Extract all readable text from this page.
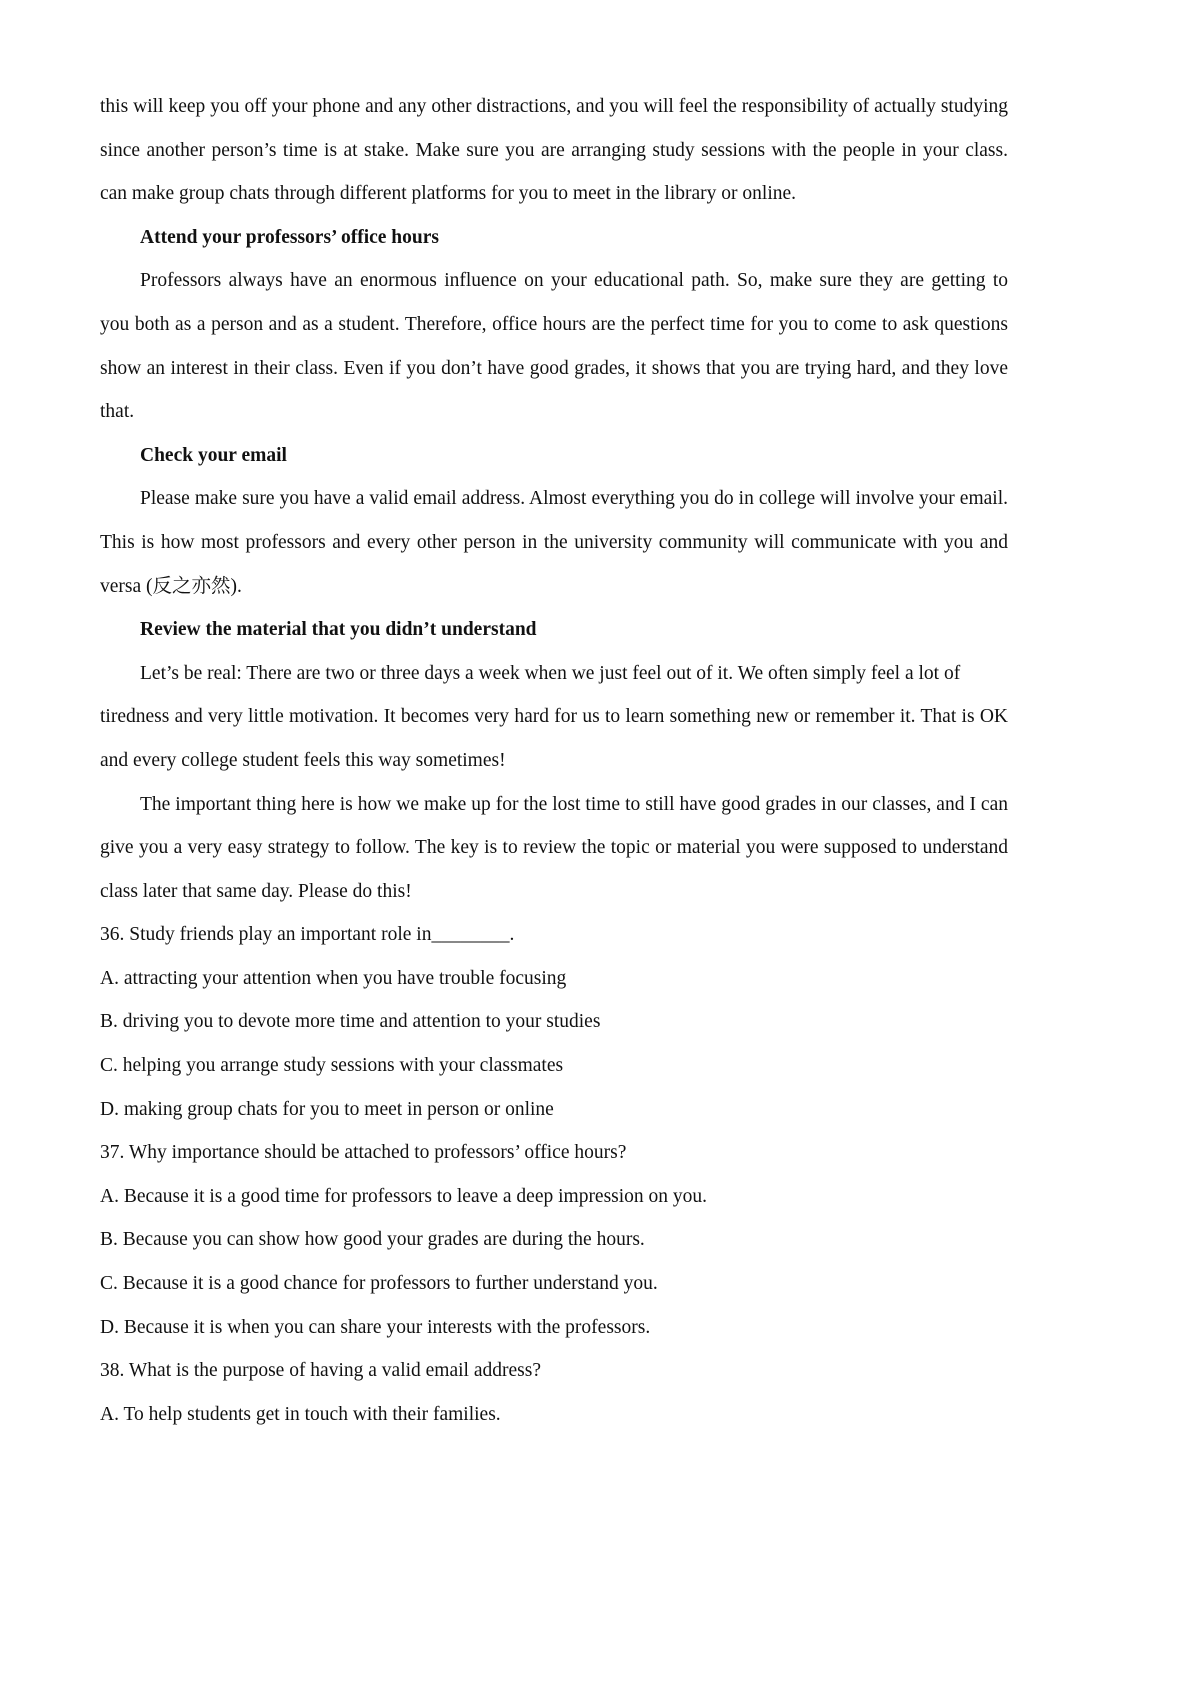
this will keep you off your phone and any other distractions, and you will feel the responsibility of actually studying
since another person’s time is at stake. Make sure you are arranging study sessions with the people in your class.
can make group chats through different platforms for you to meet in the library or online.
Attend your professors’ office hours
Professors always have an enormous influence on your educational path. So, make sure they are getting to
you both as a person and as a student. Therefore, office hours are the perfect time for you to come to ask questions
show an interest in their class. Even if you don’t have good grades, it shows that you are trying hard, and they love
that.
Check your email
Please make sure you have a valid email address. Almost everything you do in college will involve your email.
This is how most professors and every other person in the university community will communicate with you and
versa (反之亦然).
Review the material that you didn’t understand
Let’s be real: There are two or three days a week when we just feel out of it. We often simply feel a lot of
tiredness and very little motivation. It becomes very hard for us to learn something new or remember it. That is OK
and every college student feels this way sometimes!
The important thing here is how we make up for the lost time to still have good grades in our classes, and I can
give you a very easy strategy to follow. The key is to review the topic or material you were supposed to understand
class later that same day. Please do this!
36. Study friends play an important role in________.
A. attracting your attention when you have trouble focusing
B. driving you to devote more time and attention to your studies
C. helping you arrange study sessions with your classmates
D. making group chats for you to meet in person or online
37. Why importance should be attached to professors’ office hours?
A. Because it is a good time for professors to leave a deep impression on you.
B. Because you can show how good your grades are during the hours.
C. Because it is a good chance for professors to further understand you.
D. Because it is when you can share your interests with the professors.
38. What is the purpose of having a valid email address?
A. To help students get in touch with their families.
